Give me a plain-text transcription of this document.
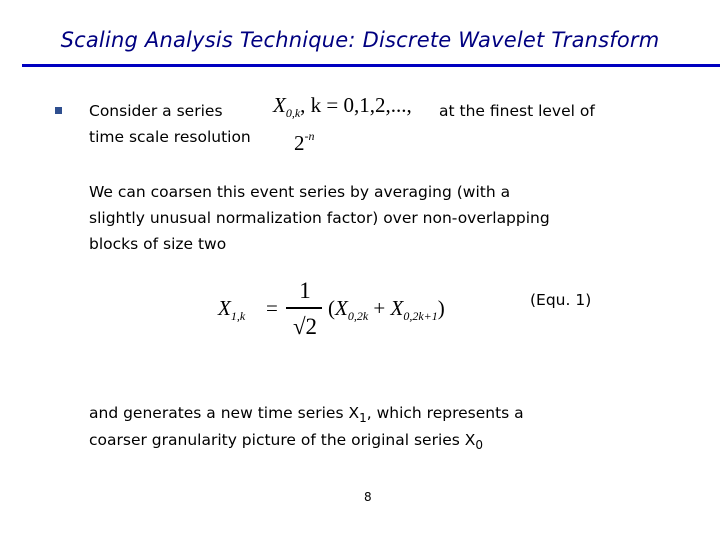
Scaling Analysis Technique: Discrete Wavelet Transform
Consider a series $X_{0,k}$, k = 0,1,2,..., at the finest level of
time scale resolution $2^{-n}$
We can coarsen this event series by averaging (with a
slightly unusual normalization factor) over non-overlapping
blocks of size two
$X_{1,k}$ =
1
√2
$(X_{0,2k} + X_{0,2k+1})$	(Equ. 1)
and generates a new time series $X_1$, which represents a
coarser granularity picture of the original series $X_0$
8
